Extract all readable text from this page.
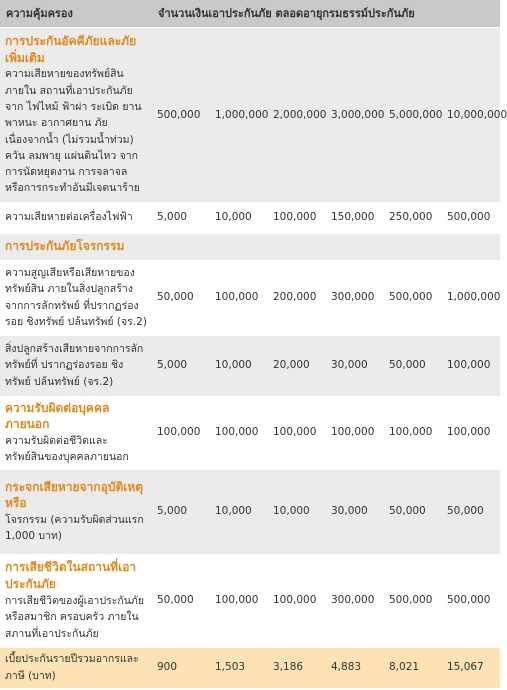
ความคุ้มครอง	จำนวนเงินเอาประกันภัย ตลอดอายุกรมธรรม์ประกันภัย					

การประกันอัคคีภัยและภัยเพิ่มเติม
ความเสียหายของทรัพย์สินภายใน สถานที่เอาประกันภัยจาก ไฟไหม้ ฟ้าผ่า ระเบิด ยานพาหนะ อากาศยาน ภัยเนื่องจากน้ำ (ไม่รวมน้ำท่วม) ควัน ลมพายุ แผ่นดินไหว จากการนัดหยุดงาน การจลาจล หรือการกระทำอันมีเจตนาร้าย	500,000	1,000,000	2,000,000	3,000,000	5,000,000	10,000,000

ความเสียหายต่อเครื่องไฟฟ้า	5,000	10,000	100,000	150,000	250,000	500,000

การประกันภัยโจรกรรม						

ความสูญเสียหรือเสียหายของทรัพย์สิน ภายในสิ่งปลูกสร้างจากการลักทรัพย์ ที่ปรากฏร่องรอย ชิงทรัพย์ ปล้นทรัพย์ (จร.2)	50,000	100,000	200,000	300,000	500,000	1,000,000

สิ่งปลูกสร้างเสียหายจากการลักทรัพย์ที่ ปรากฏร่องรอย ชิงทรัพย์ ปล้นทรัพย์ (จร.2)	5,000	10,000	20,000	30,000	50,000	100,000

ความรับผิดต่อบุคคลภายนอก
ความรับผิดต่อชีวิตและทรัพย์สินของบุคคลภายนอก	100,000	100,000	100,000	100,000	100,000	100,000

กระจกเสียหายจากอุบัติเหตุหรือ
โจรกรรม (ความรับผิดส่วนแรก 1,000 บาท)	5,000	10,000	10,000	30,000	50,000	50,000

การเสียชีวิตในสถานที่เอาประกันภัย
การเสียชีวิตของผู้เอาประกันภัยหรือสมาชิก ครอบครัว ภายในสภานที่เอาประกันภัย	50,000	100,000	100,000	300,000	500,000	500,000
เบี้ยประกันรายปีรวมอากรและภาษี (บาท)	900	1,503	3,186	4,883	8,021	15,067
